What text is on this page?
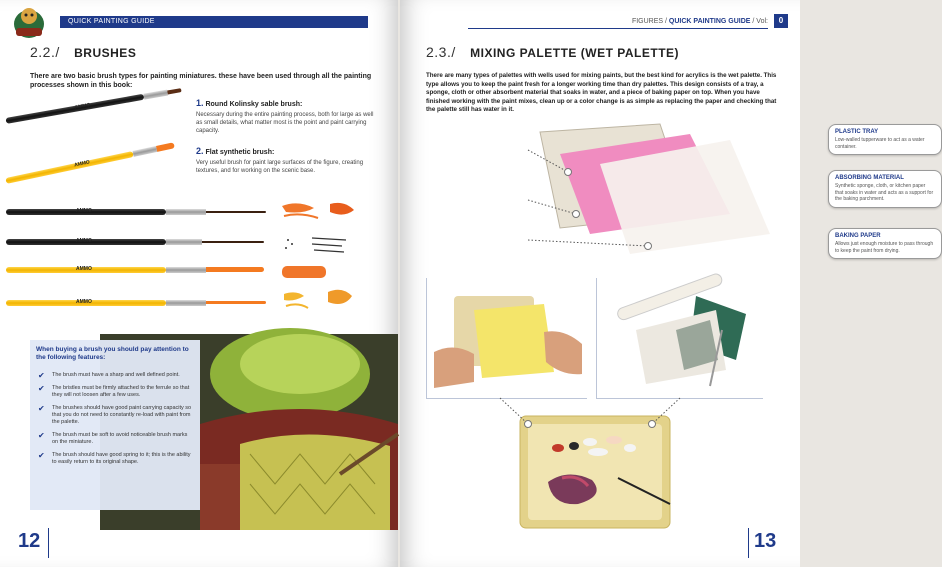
QUICK PAINTING GUIDE
2.2./ BRUSHES
There are two basic brush types for painting miniatures. these have been used through all the painting processes shown in this book:
1. Round Kolinsky sable brush:
Necessary during the entire painting process, both for large as well as small details, what matter most is the point and paint carrying capacity.
2. Flat synthetic brush:
Very useful brush for paint large surfaces of the figure, creating textures, and for working on the scenic base.
AMMO
AMMO
AMMO
AMMO
AMMO
AMMO
When buying a brush you should pay attention to the following features:
✔ The brush must have a sharp and well defined point.
✔ The bristles must be firmly attached to the ferrule so that they will not loosen after a few uses.
✔ The brushes should have good paint carrying capacity so that you do not need to constantly re-load with paint from the palette.
✔ The brush must be soft to avoid noticeable brush marks on the miniature.
✔ The brush should have good spring to it; this is the ability to easily return to its original shape.
12
FIGURES / QUICK PAINTING GUIDE / Vol:	0
2.3./ MIXING PALETTE (WET PALETTE)
There are many types of palettes with wells used for mixing paints, but the best kind for acrylics is the wet palette. This type allows you to keep the paint fresh for a longer working time than dry palettes. This design consists of a tray, a sponge, cloth or other absorbent material that soaks in water, and a piece of baking paper on top. When you have finished working with the paint mixes, clean up or a color change is as simple as replacing the paper and checking that the palette still has water in it.
PLASTIC TRAY
Low-walled tupperware to act as a water container.
ABSORBING MATERIAL
Synthetic sponge, cloth, or kitchen paper that soaks in water and acts as a support for the baking parchment.
BAKING PAPER
Allows just enough moisture to pass through to keep the paint from drying.
13
